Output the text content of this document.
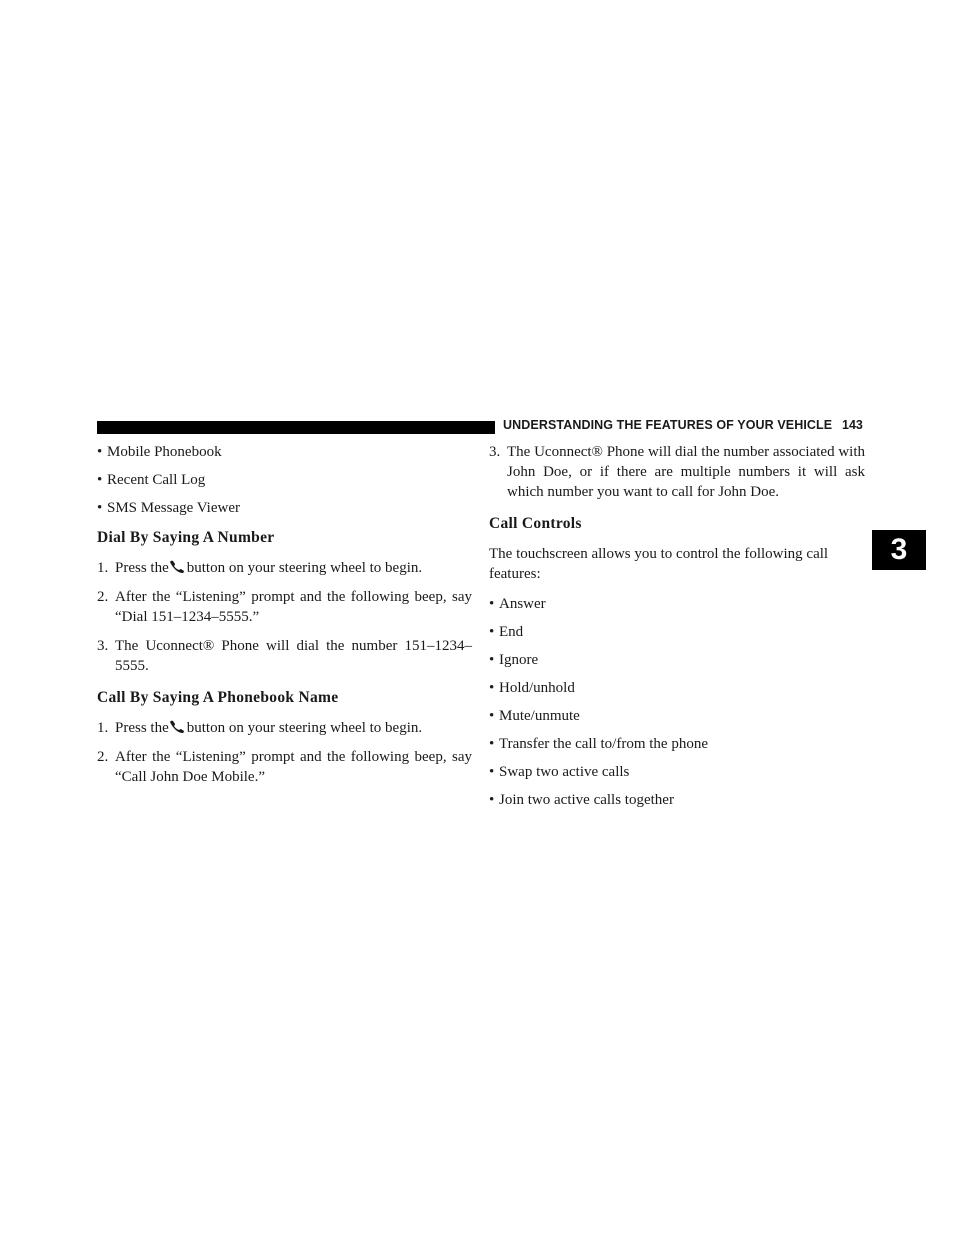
UNDERSTANDING THE FEATURES OF YOUR VEHICLE 143
3
• Mobile Phonebook
• Recent Call Log
• SMS Message Viewer
Dial By Saying A Number
1. Press the button on your steering wheel to begin.
2. After the “Listening” prompt and the following beep, say “Dial 151–1234–5555.”
3. The Uconnect® Phone will dial the number 151–1234–5555.
Call By Saying A Phonebook Name
1. Press the button on your steering wheel to begin.
2. After the “Listening” prompt and the following beep, say “Call John Doe Mobile.”
3. The Uconnect® Phone will dial the number associated with John Doe, or if there are multiple numbers it will ask which number you want to call for John Doe.
Call Controls
The touchscreen allows you to control the following call features:
• Answer
• End
• Ignore
• Hold/unhold
• Mute/unmute
• Transfer the call to/from the phone
• Swap two active calls
• Join two active calls together
